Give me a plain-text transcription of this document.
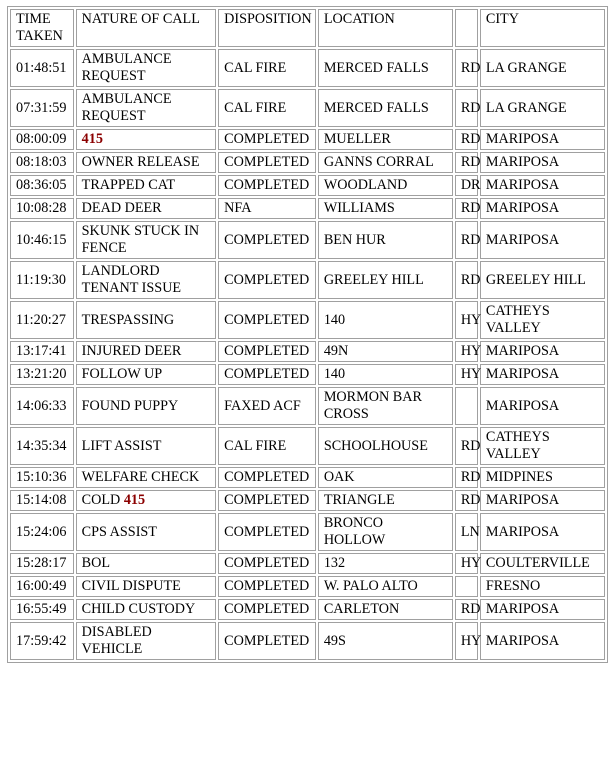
TIME TAKEN	NATURE OF CALL	DISPOSITION	LOCATION		CITY
01:48:51	AMBULANCE REQUEST	CAL FIRE	MERCED FALLS	RD	LA GRANGE
07:31:59	AMBULANCE REQUEST	CAL FIRE	MERCED FALLS	RD	LA GRANGE
08:00:09	415	COMPLETED	MUELLER	RD	MARIPOSA
08:18:03	OWNER RELEASE	COMPLETED	GANNS CORRAL	RD	MARIPOSA
08:36:05	TRAPPED CAT	COMPLETED	WOODLAND	DR	MARIPOSA
10:08:28	DEAD DEER	NFA	WILLIAMS	RD	MARIPOSA
10:46:15	SKUNK STUCK IN FENCE	COMPLETED	BEN HUR	RD	MARIPOSA
11:19:30	LANDLORD TENANT ISSUE	COMPLETED	GREELEY HILL	RD	GREELEY HILL
11:20:27	TRESPASSING	COMPLETED	140	HY	CATHEYS VALLEY
13:17:41	INJURED DEER	COMPLETED	49N	HY	MARIPOSA
13:21:20	FOLLOW UP	COMPLETED	140	HY	MARIPOSA
14:06:33	FOUND PUPPY	FAXED ACF	MORMON BAR CROSS		MARIPOSA
14:35:34	LIFT ASSIST	CAL FIRE	SCHOOLHOUSE	RD	CATHEYS VALLEY
15:10:36	WELFARE CHECK	COMPLETED	OAK	RD	MIDPINES
15:14:08	COLD 415	COMPLETED	TRIANGLE	RD	MARIPOSA
15:24:06	CPS ASSIST	COMPLETED	BRONCO HOLLOW	LN	MARIPOSA
15:28:17	BOL	COMPLETED	132	HY	COULTERVILLE
16:00:49	CIVIL DISPUTE	COMPLETED	W. PALO ALTO		FRESNO
16:55:49	CHILD CUSTODY	COMPLETED	CARLETON	RD	MARIPOSA
17:59:42	DISABLED VEHICLE	COMPLETED	49S	HY	MARIPOSA
